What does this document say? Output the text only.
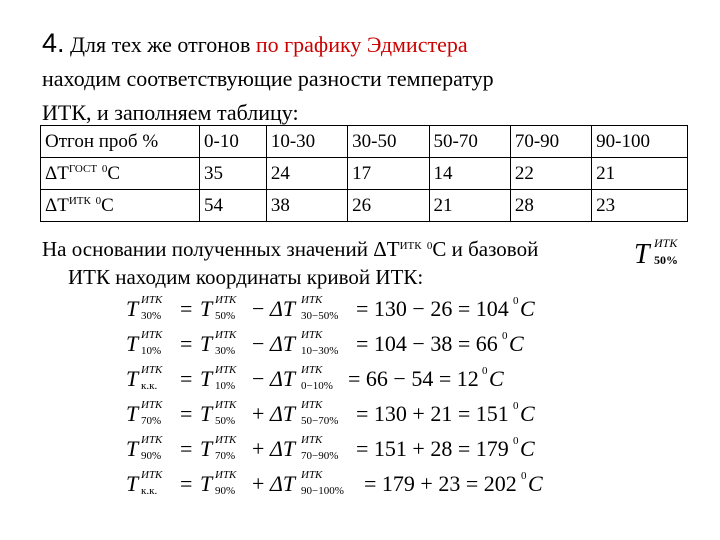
4. Для тех же отгонов по графику Эдмистера
находим соответствующие разности температур
ИТК, и заполняем таблицу:
Отгон проб %	0-10	10-30	30-50	50-70	70-90	90-100
$\Delta T^{ГОСТ}$ $^0$C	35	24	17	14	22	21
$\Delta T^{ИТК}$ $^0$C	54	38	26	21	28	23
На основании полученных значений $\Delta T^{ИТК}$ $^0$C и базовой
ИТК находим координаты кривой ИТК:
T ИТК
50%
T ИТК
30% = T ИТК
50% − ΔT ИТК
30−50% = 130 − 26 = 104 0 C
T ИТК
10% = T ИТК
30% − ΔT ИТК
10−30% = 104 − 38 = 66 0 C
T ИТК
к.к. = T ИТК
10% − ΔT ИТК
0−10% = 66 − 54 = 12 0 C
T ИТК
70% = T ИТК
50% + ΔT ИТК
50−70% = 130 + 21 = 151 0 C
T ИТК
90% = T ИТК
70% + ΔT ИТК
70−90% = 151 + 28 = 179 0 C
T ИТК
к.к. = T ИТК
90% + ΔT ИТК
90−100% = 179 + 23 = 202 0 C
